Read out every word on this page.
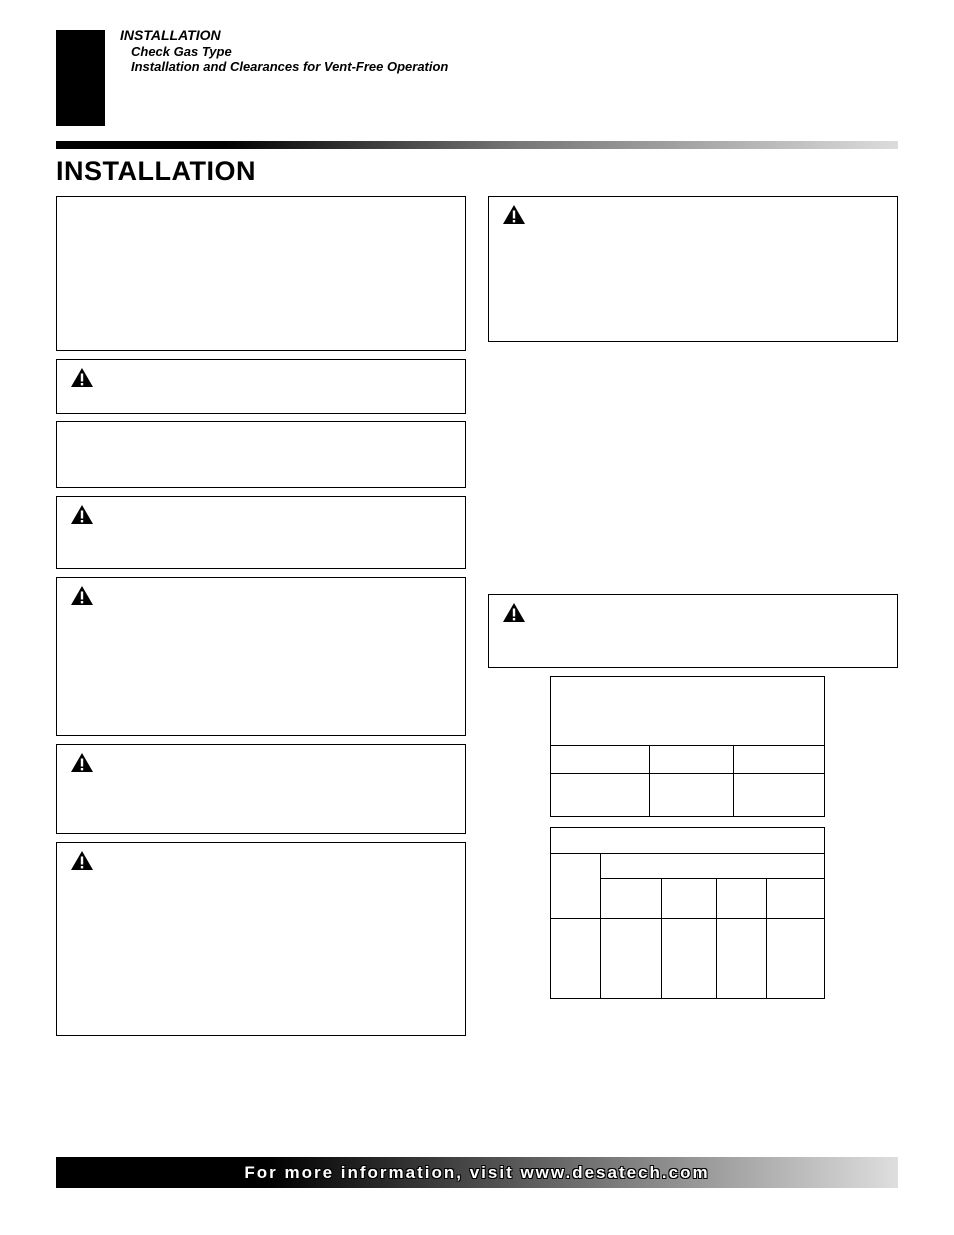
INSTALLATION
Check Gas Type
Installation and Clearances for Vent-Free Operation
INSTALLATION

For more information, visit www.desatech.com
